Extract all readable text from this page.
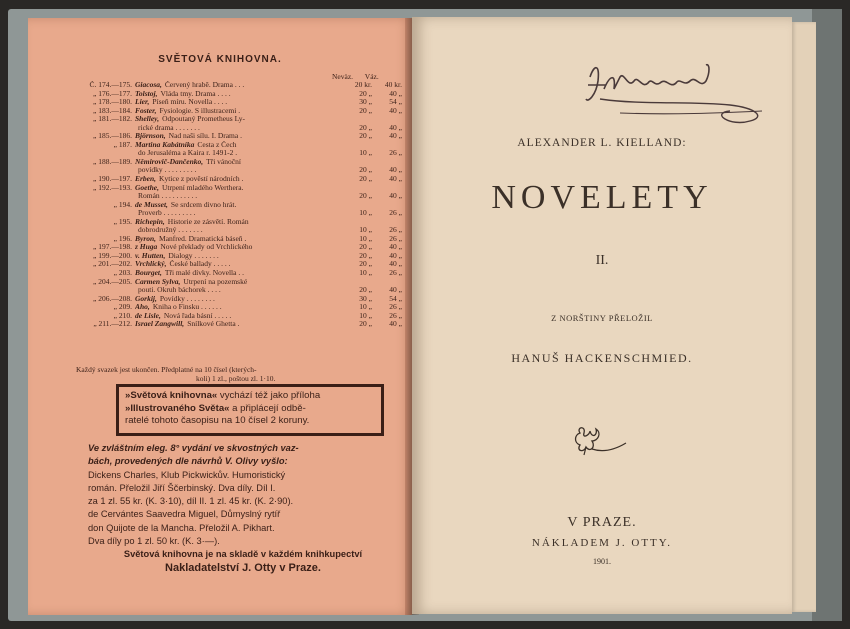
SVĚTOVÁ KNIHOVNA.
Nevàz. Váz.
Č. 174.—175. Giacosa, Červený hrabě. Drama . . .	20 kr.	40 kr.
„ 176.—177. Tolstoj, Vláda tmy. Drama . . . .	20 „	40 „
„ 178.—180. Lier, Píseň míru. Novella . . . .	30 „	54 „
„ 183.—184. Foster, Fysiologie. S illustracemi .	20 „	40 „
„ 181.—182. Shelley, Odpoutaný Prometheus Ly-
rické drama . . . . . . .	20 „	40 „
„ 185.—186. Björnson, Nad naši sílu. I. Drama .	20 „	40 „
„ 187. Martina Kabátníka Cesta z Čech
do Jerusaléma a Kaira r. 1491-2 .	10 „	26 „
„ 188.—189. Němirovič-Dančenko, Tři vánoční
povídky . . . . . . . . .	20 „	40 „
„ 190.—197. Erben, Kytice z pověstí národních .	20 „	40 „
„ 192.—193. Goethe, Utrpení mladého Werthera.
Román . . . . . . . . . .	20 „	40 „
„ 194. de Musset, Se srdcem divno hrát.
Proverb . . . . . . . . .	10 „	26 „
„ 195. Richepin, Historie ze zásvětí. Román
dobrodružný . . . . . . .	10 „	26 „
„ 196. Byron, Manfred. Dramatická báseň .	10 „	26 „
„ 197.—198. z Huga Nové překlady od Vrchlického	20 „	40 „
„ 199.—200. v. Hutten, Dialogy . . . . . . .	20 „	40 „
„ 201.—202. Vrchlický, České ballady . . . . .	20 „	40 „
„ 203. Bourget, Tři malé dívky. Novella . .	10 „	26 „
„ 204.—205. Carmen Sylva, Utrpení na pozemské
pouti. Okruh báchorek . . . .	20 „	40 „
„ 206.—208. Gorkij, Povídky . . . . . . . .	30 „	54 „
„ 209. Aho, Kniha o Finsku . . . . . .	10 „	26 „
„ 210. de Lisle, Nová řada básní . . . . .	10 „	26 „
„ 211.—212. Israel Zangwill, Snílkové Ghetta .	20 „	40 „
Každý svazek jest ukončen. Předplatné na 10 čísel (kterých-
koli) 1 zl., poštou zl. 1·10.
»Světová knihovna« vychází též jako příloha
»Illustrovaného Světa« a připlácejí odbě-
ratelé tohoto časopisu na 10 čísel 2 koruny.
Ve zvláštním eleg. 8° vydání ve skvostných vaz-
bách, provedených dle návrhů V. Olivy vyšlo:
Dickens Charles, Klub Pickwickův. Humoristický
román. Přeložil Jiří Ščerbinský. Dva díly. Díl I.
za 1 zl. 55 kr. (K. 3·10), díl II. 1 zl. 45 kr. (K. 2·90).
de Cervántes Saavedra Miguel, Důmyslný rytíř
don Quijote de la Mancha. Přeložil A. Pikhart.
Dva díly po 1 zl. 50 kr. (K. 3·—).
Světová knihovna je na skladě v každém knihkupectví
Nakladatelství J. Otty v Praze.
ALEXANDER L. KIELLAND:
NOVELETY
II.
Z NORŠTINY PŘELOŽIL
HANUŠ HACKENSCHMIED.
V PRAZE.
NÁKLADEM J. OTTY.
1901.
